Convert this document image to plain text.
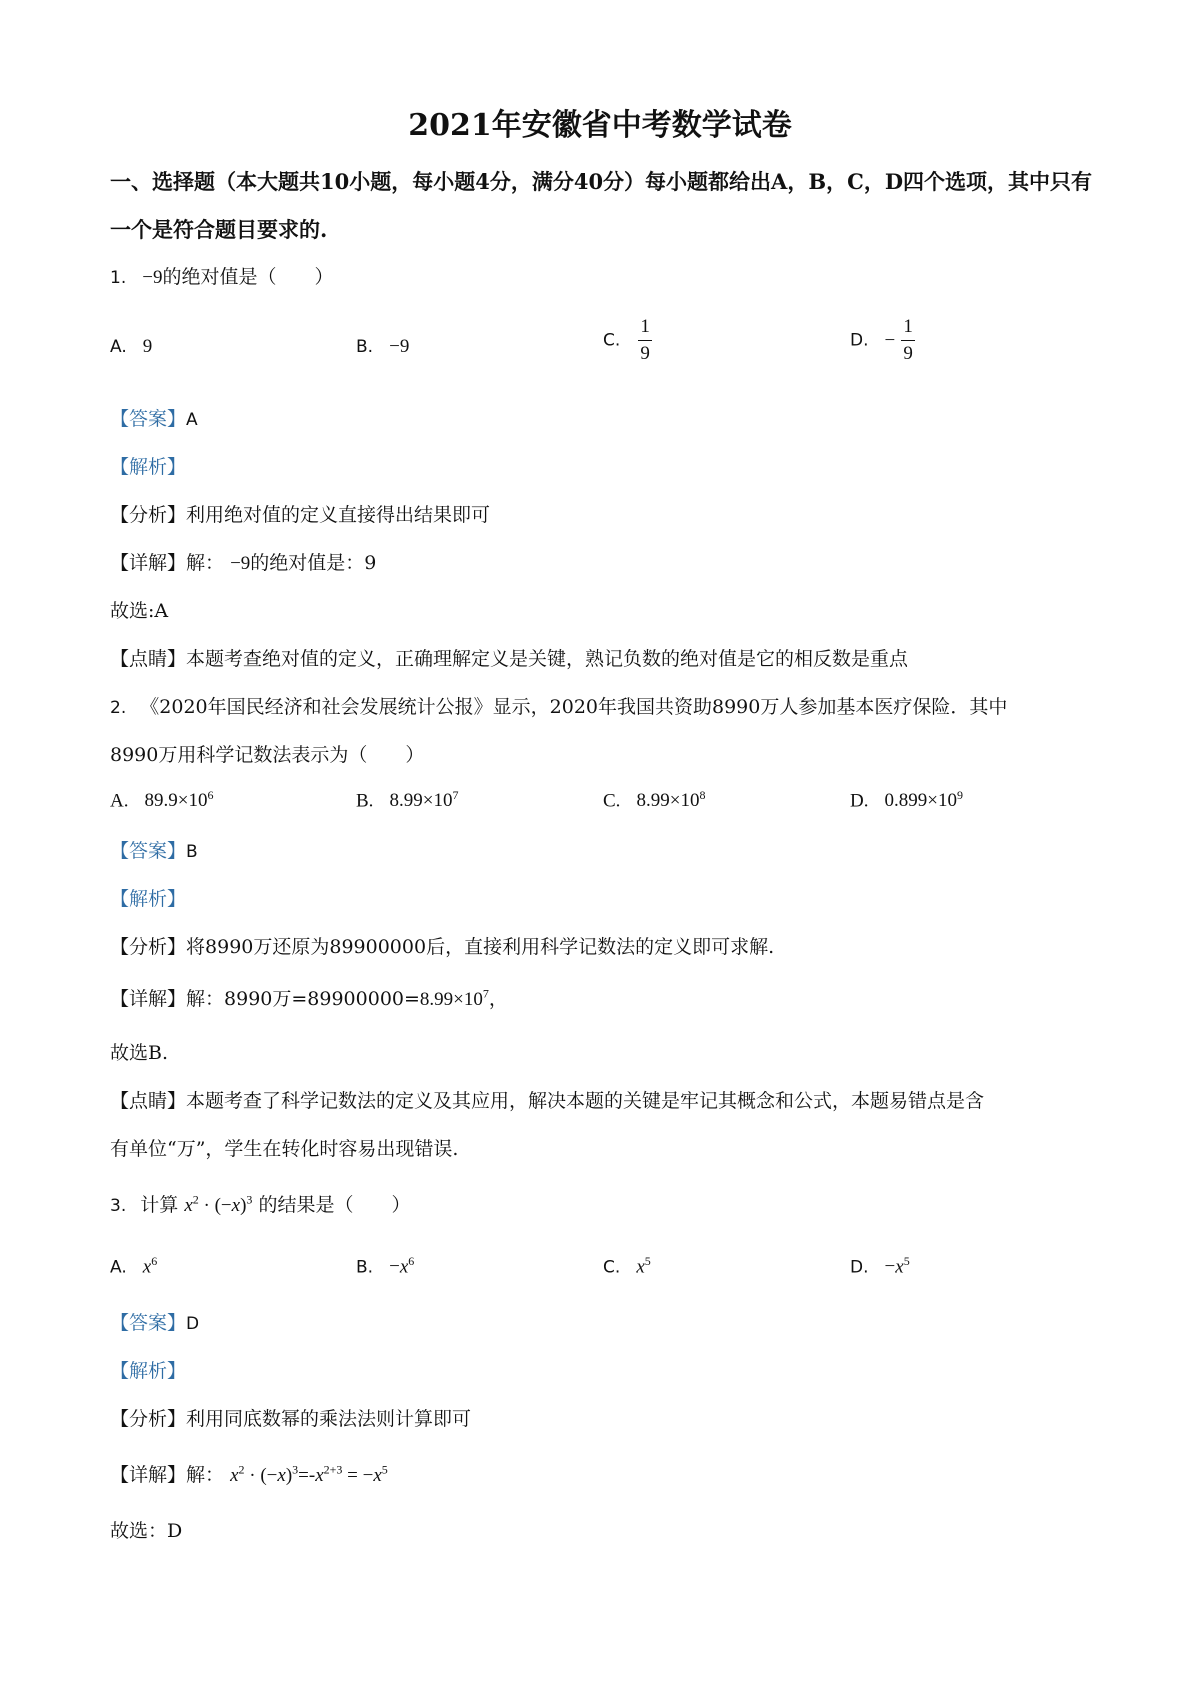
2021年安徽省中考数学试卷
一、选择题（本大题共10小题，每小题4分，满分40分）每小题都给出A，B，C，D四个选项，其中只有一个是符合题目要求的.
1. −9的绝对值是（　　）
A. 9	B. −9	C. $\frac{1}{9}$	D. − $\frac{1}{9}$
【答案】A
【解析】
【分析】利用绝对值的定义直接得出结果即可
【详解】解： −9的绝对值是：9
故选:A
【点睛】本题考查绝对值的定义，正确理解定义是关键，熟记负数的绝对值是它的相反数是重点
2. 《2020年国民经济和社会发展统计公报》显示，2020年我国共资助8990万人参加基本医疗保险．其中
8990万用科学记数法表示为（　　）
A. $89.9\times 10^6$	B. $8.99\times 10^7$	C. $8.99\times 10^8$	D. $0.899\times 10^9$
【答案】B
【解析】
【分析】将8990万还原为89900000后，直接利用科学记数法的定义即可求解.
【详解】解：8990万$=89900000=8.99\times 10^7$，
故选B.
【点睛】本题考查了科学记数法的定义及其应用，解决本题的关键是牢记其概念和公式，本题易错点是含
有单位“万”，学生在转化时容易出现错误.
3. 计算 $x^2 \cdot (-x)^3$ 的结果是（　　）
A. $x^6$	B. $-x^6$	C. $x^5$	D. $-x^5$
【答案】D
【解析】
【分析】利用同底数幂的乘法法则计算即可
【详解】解： $x^2 \cdot (-x)^3=-x^{2+3} = -x^5$
故选：D
